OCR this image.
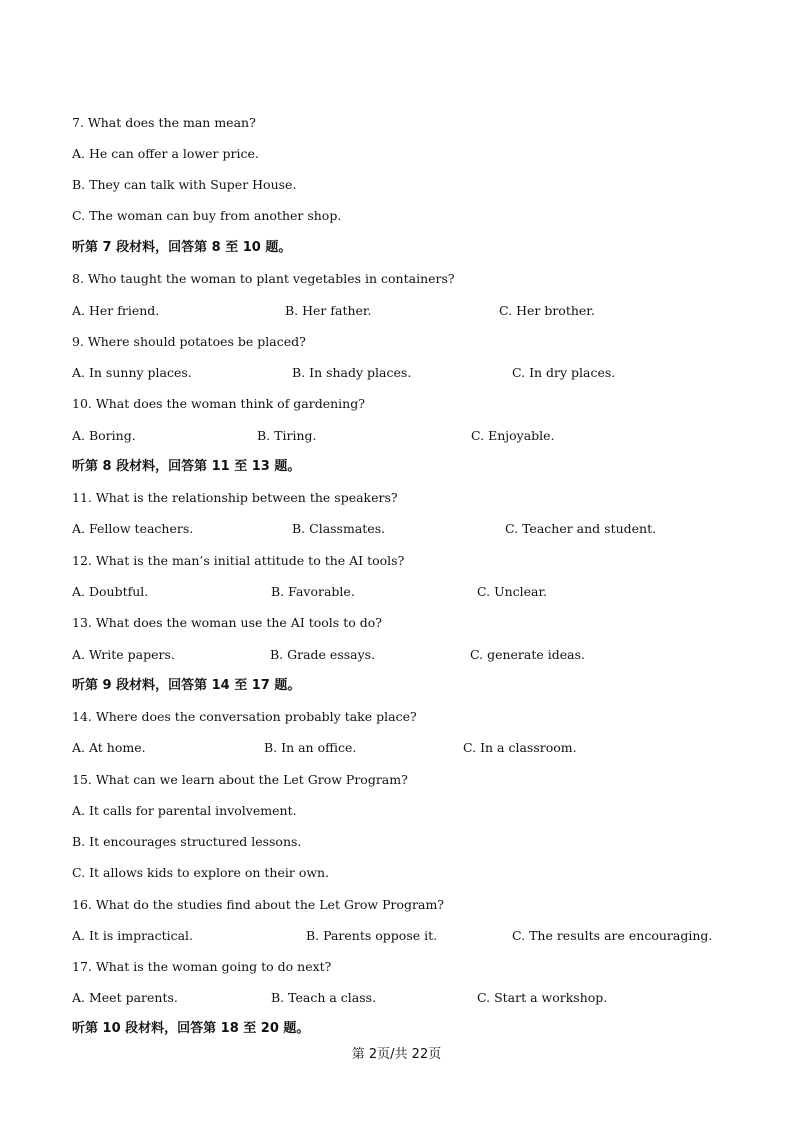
7. What does the man mean?
A. He can offer a lower price.
B. They can talk with Super House.
C. The woman can buy from another shop.
听第 7 段材料，回答第 8 至 10 题。
8. Who taught the woman to plant vegetables in containers?
A. Her friend.	B. Her father.	C. Her brother.
9. Where should potatoes be placed?
A. In sunny places.	B. In shady places.	C. In dry places.
10. What does the woman think of gardening?
A. Boring.	B. Tiring.	C. Enjoyable.
听第 8 段材料，回答第 11 至 13 题。
11. What is the relationship between the speakers?
A. Fellow teachers.	B. Classmates.	C. Teacher and student.
12. What is the man’s initial attitude to the AI tools?
A. Doubtful.	B. Favorable.	C. Unclear.
13. What does the woman use the AI tools to do?
A. Write papers.	B. Grade essays.	C. generate ideas.
听第 9 段材料，回答第 14 至 17 题。
14. Where does the conversation probably take place?
A. At home.	B. In an office.	C. In a classroom.
15. What can we learn about the Let Grow Program?
A. It calls for parental involvement.
B. It encourages structured lessons.
C. It allows kids to explore on their own.
16. What do the studies find about the Let Grow Program?
A. It is impractical.	B. Parents oppose it.	C. The results are encouraging.
17. What is the woman going to do next?
A. Meet parents.	B. Teach a class.	C. Start a workshop.
听第 10 段材料，回答第 18 至 20 题。
第 2页/共 22页
